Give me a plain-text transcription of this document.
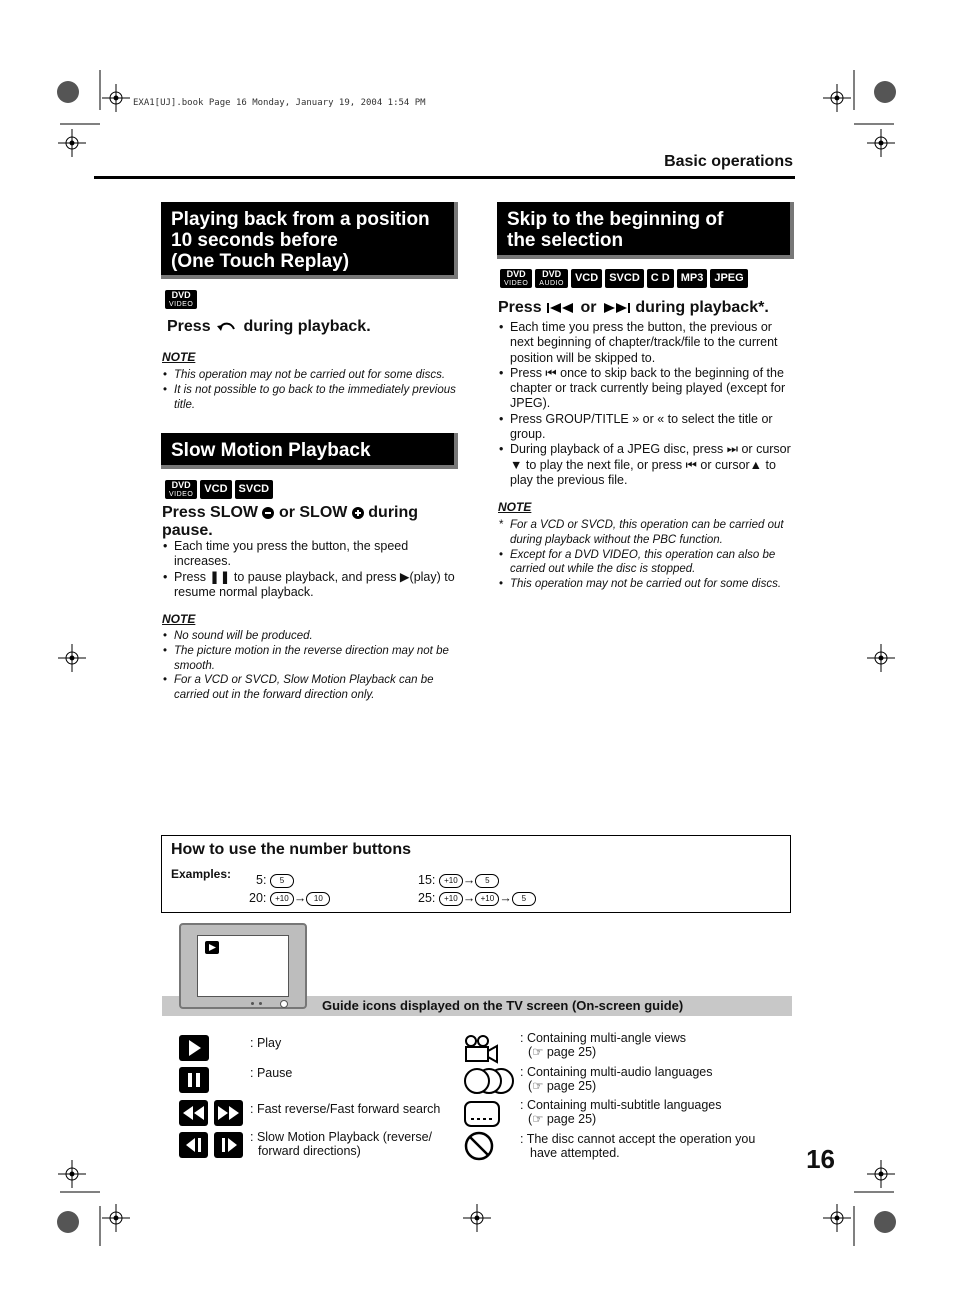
EXA1[UJ].book Page 16 Monday, January 19, 2004 1:54 PM
Basic operations
Playing back from a position
10 seconds before
(One Touch Replay)
DVD
VIDEO
Press during playback.
NOTE
• This operation may not be carried out for some discs.
• It is not possible to go back to the immediately previous title.
Slow Motion Playback
DVD
VIDEO VCD SVCD
Press SLOW or SLOW during
pause.
• Each time you press the button, the speed increases.
• Press ❚❚ to pause playback, and press ▶(play) to resume normal playback.
NOTE
• No sound will be produced.
• The picture motion in the reverse direction may not be smooth.
• For a VCD or SVCD, Slow Motion Playback can be carried out in the forward direction only.
Skip to the beginning of
the selection
DVD
VIDEO
DVD
AUDIO VCD SVCD C D MP3 JPEG
Press or during playback*.
• Each time you press the button, the previous or next beginning of chapter/track/file to the current position will be skipped to.
• Press ⏮ once to skip back to the beginning of the chapter or track currently being played (except for JPEG).
• Press GROUP/TITLE » or « to select the title or group.
• During playback of a JPEG disc, press ⏭ or cursor ▼ to play the next file, or press ⏮ or cursor▲ to play the previous file.
NOTE
* For a VCD or SVCD, this operation can be carried out during playback without the PBC function.
• Except for a DVD VIDEO, this operation can also be carried out while the disc is stopped.
• This operation may not be carried out for some discs.
How to use the number buttons
Examples: 5: 5
20: +10 → 10
15: +10 → 5
25: +10 → +10 → 5
Guide icons displayed on the TV screen (On-screen guide)
: Play
: Pause
: Fast reverse/Fast forward search
: Slow Motion Playback (reverse/
forward directions)
: Containing multi-angle views
(☞ page 25)
: Containing multi-audio languages
(☞ page 25)
: Containing multi-subtitle languages
(☞ page 25)
: The disc cannot accept the operation you
have attempted.	16
